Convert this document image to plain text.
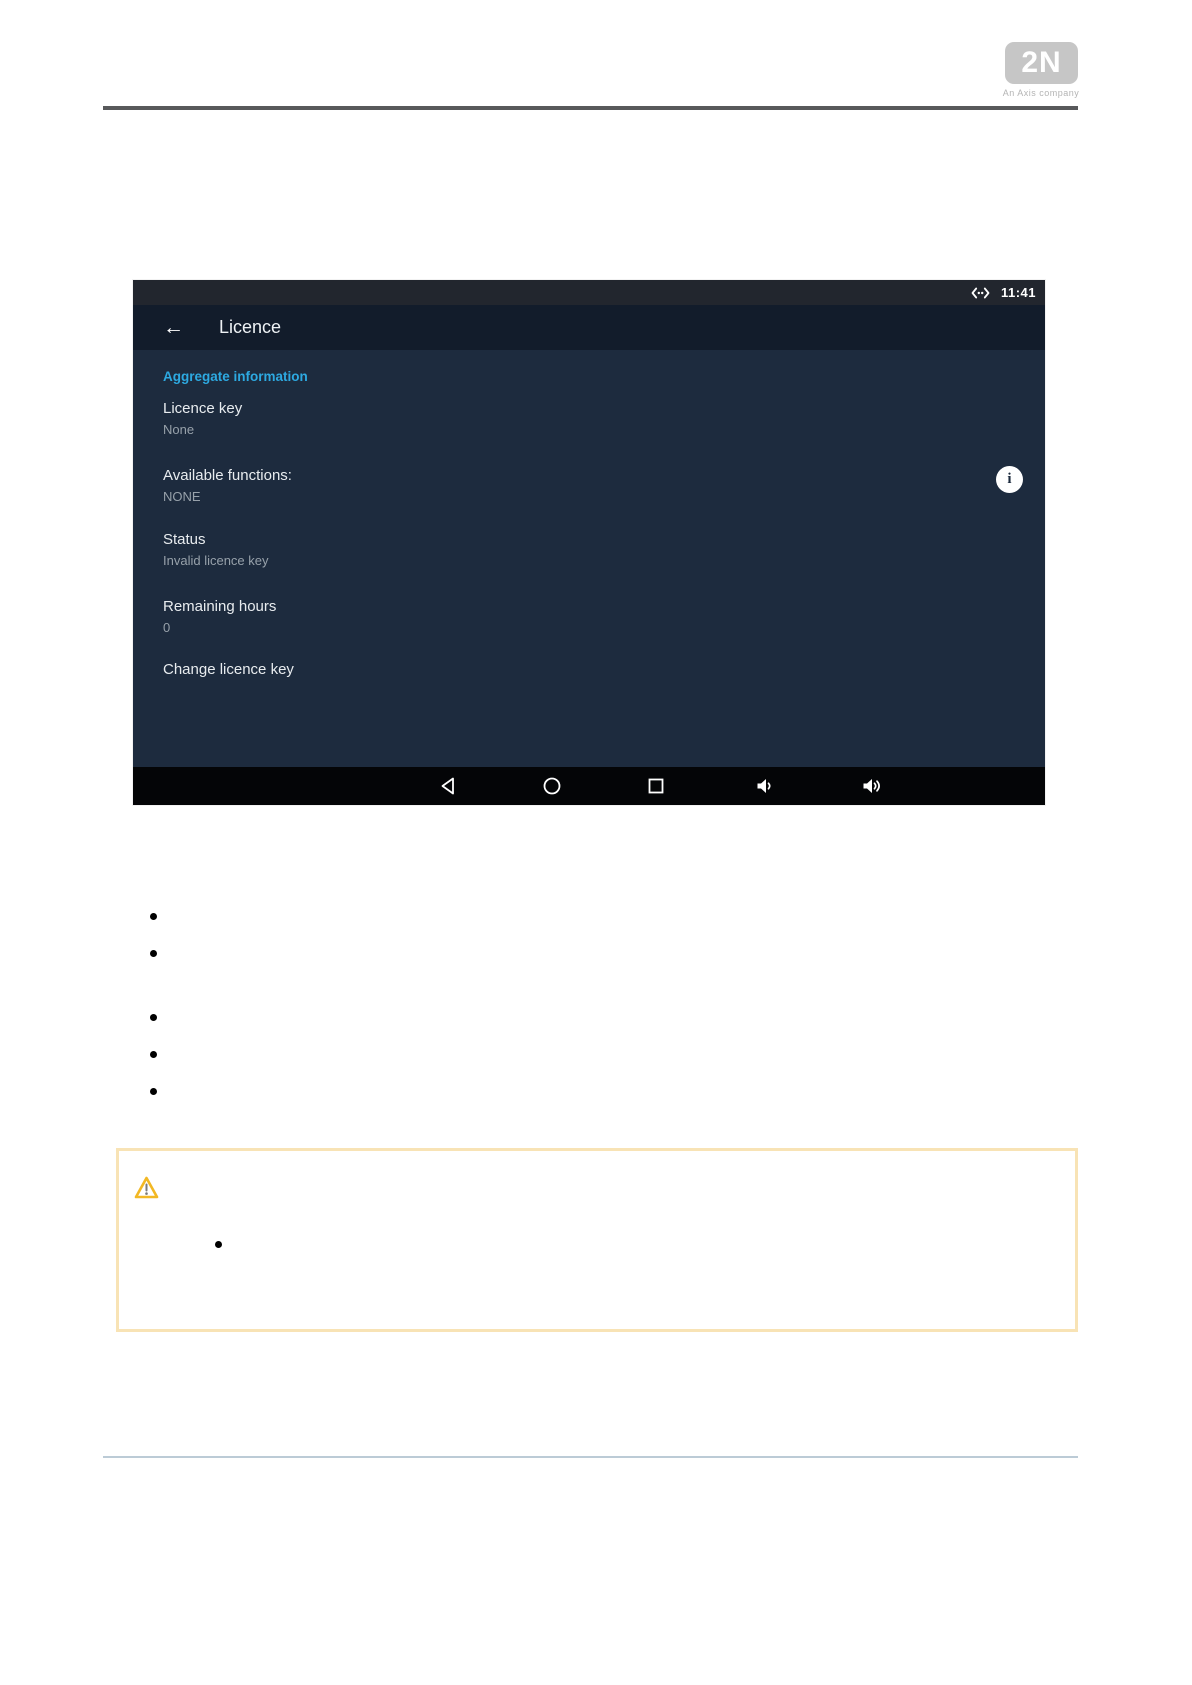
2N
An Axis company
11:41
← Licence
Aggregate information
Licence key
None
Available functions:
NONE
Status
Invalid licence key
Remaining hours
0
Change licence key
i
